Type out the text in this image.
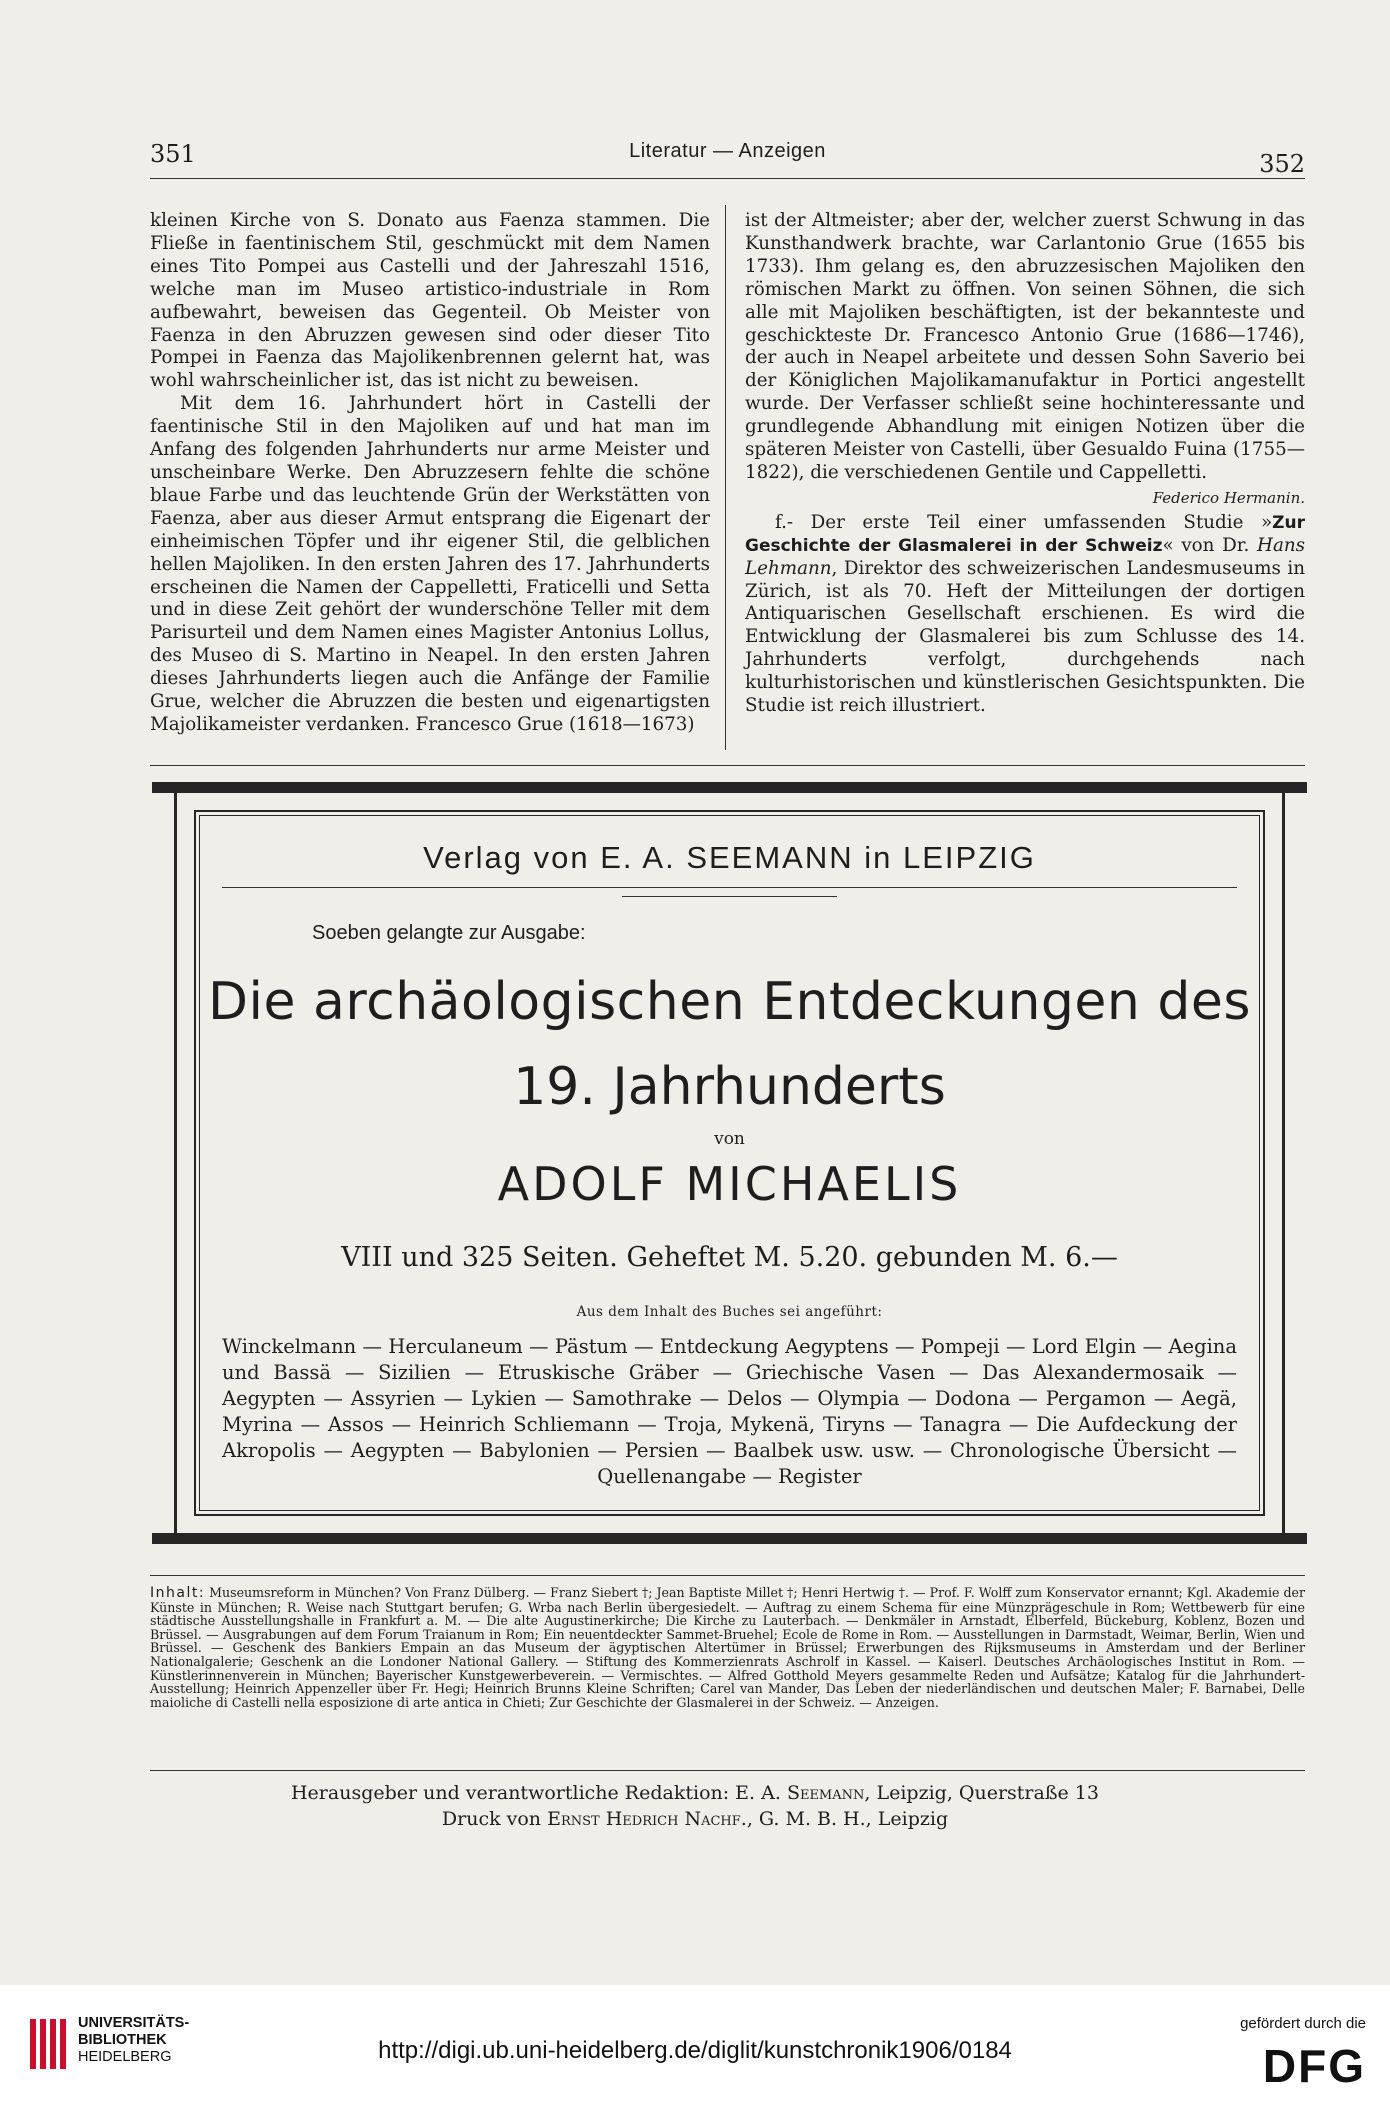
351	Literatur — Anzeigen	352

kleinen Kirche von S. Donato aus Faenza stammen. Die Fließe in faentinischem Stil, geschmückt mit dem Namen eines Tito Pompei aus Castelli und der Jahreszahl 1516, welche man im Museo artistico-industriale in Rom aufbewahrt, beweisen das Gegenteil. Ob Meister von Faenza in den Abruzzen gewesen sind oder dieser Tito Pompei in Faenza das Majolikenbrennen gelernt hat, was wohl wahrscheinlicher ist, das ist nicht zu beweisen.

Mit dem 16. Jahrhundert hört in Castelli der faentinische Stil in den Majoliken auf und hat man im Anfang des folgenden Jahrhunderts nur arme Meister und unscheinbare Werke. Den Abruzzesern fehlte die schöne blaue Farbe und das leuchtende Grün der Werkstätten von Faenza, aber aus dieser Armut entsprang die Eigenart der einheimischen Töpfer und ihr eigener Stil, die gelblichen hellen Majoliken. In den ersten Jahren des 17. Jahrhunderts erscheinen die Namen der Cappelletti, Fraticelli und Setta und in diese Zeit gehört der wunderschöne Teller mit dem Parisurteil und dem Namen eines Magister Antonius Lollus, des Museo di S. Martino in Neapel. In den ersten Jahren dieses Jahrhunderts liegen auch die Anfänge der Familie Grue, welcher die Abruzzen die besten und eigenartigsten Majolikameister verdanken. Francesco Grue (1618—1673)

ist der Altmeister; aber der, welcher zuerst Schwung in das Kunsthandwerk brachte, war Carlantonio Grue (1655 bis 1733). Ihm gelang es, den abruzzesischen Majoliken den römischen Markt zu öffnen. Von seinen Söhnen, die sich alle mit Majoliken beschäftigten, ist der bekannteste und geschickteste Dr. Francesco Antonio Grue (1686—1746), der auch in Neapel arbeitete und dessen Sohn Saverio bei der Königlichen Majolikamanufaktur in Portici angestellt wurde. Der Verfasser schließt seine hochinteressante und grundlegende Abhandlung mit einigen Notizen über die späteren Meister von Castelli, über Gesualdo Fuina (1755—1822), die verschiedenen Gentile und Cappelletti.

Federico Hermanin.

f.- Der erste Teil einer umfassenden Studie »Zur Geschichte der Glasmalerei in der Schweiz« von Dr. Hans Lehmann, Direktor des schweizerischen Landesmuseums in Zürich, ist als 70. Heft der Mitteilungen der dortigen Antiquarischen Gesellschaft erschienen. Es wird die Entwicklung der Glasmalerei bis zum Schlusse des 14. Jahrhunderts verfolgt, durchgehends nach kulturhistorischen und künstlerischen Gesichtspunkten. Die Studie ist reich illustriert.

Verlag von E. A. SEEMANN in LEIPZIG
Soeben gelangte zur Ausgabe:
Die archäologischen Entdeckungen des
19. Jahrhunderts
von
ADOLF MICHAELIS
VIII und 325 Seiten. Geheftet M. 5.20. gebunden M. 6.—
Aus dem Inhalt des Buches sei angeführt:
Winckelmann — Herculaneum — Pästum — Entdeckung Aegyptens — Pompeji — Lord Elgin — Aegina und Bassä — Sizilien — Etruskische Gräber — Griechische Vasen — Das Alexandermosaik — Aegypten — Assyrien — Lykien — Samothrake — Delos — Olympia — Dodona — Pergamon — Aegä, Myrina — Assos — Heinrich Schliemann — Troja, Mykenä, Tiryns — Tanagra — Die Aufdeckung der Akropolis — Aegypten — Babylonien — Persien — Baalbek usw. usw. — Chronologische Übersicht — Quellenangabe — Register
Inhalt: Museumsreform in München? Von Franz Dülberg. — Franz Siebert †; Jean Baptiste Millet †; Henri Hertwig †. — Prof. F. Wolff zum Konservator ernannt; Kgl. Akademie der Künste in München; R. Weise nach Stuttgart berufen; G. Wrba nach Berlin übergesiedelt. — Auftrag zu einem Schema für eine Münzprägeschule in Rom; Wettbewerb für eine städtische Ausstellungshalle in Frankfurt a. M. — Die alte Augustinerkirche; Die Kirche zu Lauterbach. — Denkmäler in Arnstadt, Elberfeld, Bückeburg, Koblenz, Bozen und Brüssel. — Ausgrabungen auf dem Forum Traianum in Rom; Ein neuentdeckter Sammet-Bruehel; Ecole de Rome in Rom. — Ausstellungen in Darmstadt, Weimar, Berlin, Wien und Brüssel. — Geschenk des Bankiers Empain an das Museum der ägyptischen Altertümer in Brüssel; Erwerbungen des Rijksmuseums in Amsterdam und der Berliner Nationalgalerie; Geschenk an die Londoner National Gallery. — Stiftung des Kommerzienrats Aschrolf in Kassel. — Kaiserl. Deutsches Archäologisches Institut in Rom. — Künstlerinnenverein in München; Bayerischer Kunstgewerbeverein. — Vermischtes. — Alfred Gotthold Meyers gesammelte Reden und Aufsätze; Katalog für die Jahrhundert-Ausstellung; Heinrich Appenzeller über Fr. Hegi; Heinrich Brunns Kleine Schriften; Carel van Mander, Das Leben der niederländischen und deutschen Maler; F. Barnabei, Delle maioliche di Castelli nella esposizione di arte antica in Chieti; Zur Geschichte der Glasmalerei in der Schweiz. — Anzeigen.
Herausgeber und verantwortliche Redaktion: E. A. Seemann, Leipzig, Querstraße 13
Druck von Ernst Hedrich Nachf., G. M. B. H., Leipzig
UNIVERSITÄTS-
BIBLIOTHEK
HEIDELBERG	http://digi.ub.uni-heidelberg.de/diglit/kunstchronik1906/0184
gefördert durch die
DFG
